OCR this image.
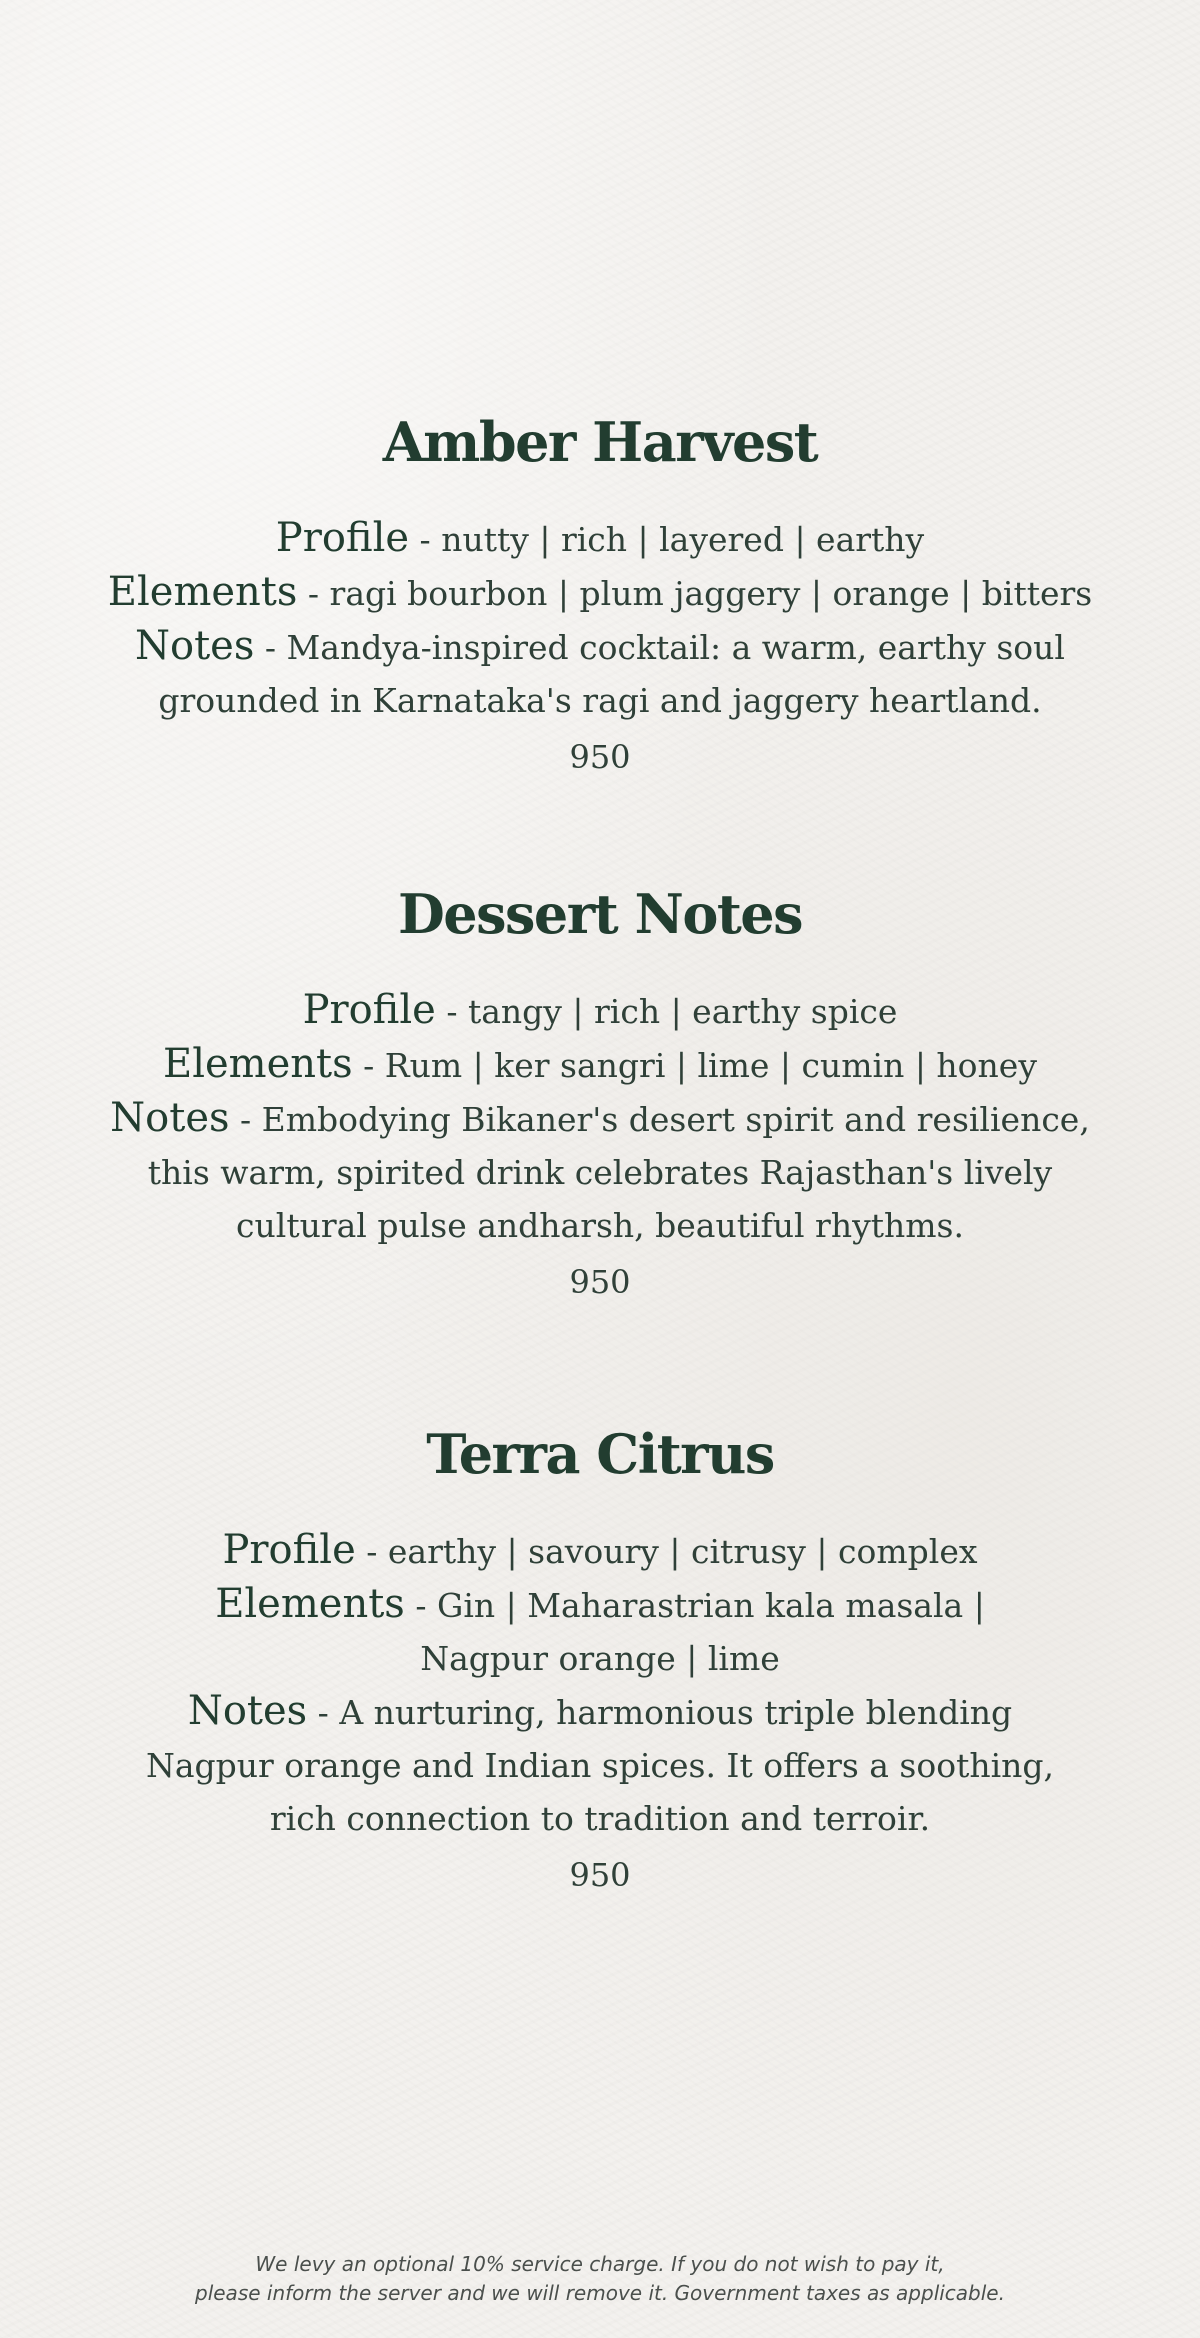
Amber Harvest
Profile - nutty | rich | layered | earthy
Elements - ragi bourbon | plum jaggery | orange | bitters
Notes - Mandya-inspired cocktail: a warm, earthy soul
grounded in Karnataka's ragi and jaggery heartland.
950
Dessert Notes
Profile - tangy | rich | earthy spice
Elements - Rum | ker sangri | lime | cumin | honey
Notes - Embodying Bikaner's desert spirit and resilience,
this warm, spirited drink celebrates Rajasthan's lively
cultural pulse andharsh, beautiful rhythms.
950
Terra Citrus
Profile - earthy | savoury | citrusy | complex
Elements - Gin | Maharastrian kala masala |
Nagpur orange | lime
Notes - A nurturing, harmonious triple blending
Nagpur orange and Indian spices. It offers a soothing,
rich connection to tradition and terroir.
950
We levy an optional 10% service charge. If you do not wish to pay it,
please inform the server and we will remove it. Government taxes as applicable.
